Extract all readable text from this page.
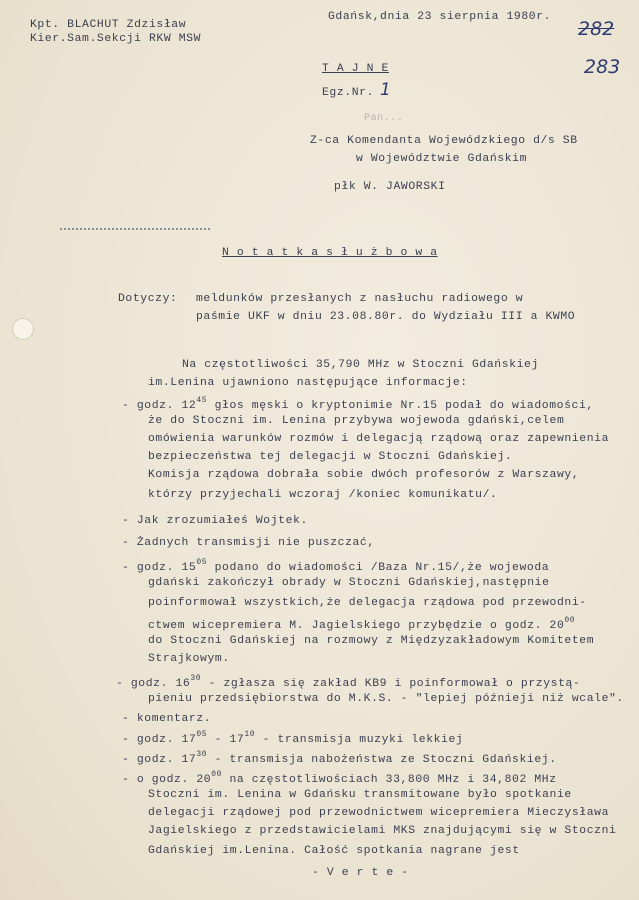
Kpt. BLACHUT Zdzisław
Kier.Sam.Sekcji RKW MSW
Gdańsk,dnia 23 sierpnia 1980r.
282
283
T A J N E
Egz.Nr. 1
Pan...
Z-ca Komendanta Wojewódzkiego d/s SB
w Województwie Gdańskim
płk W. JAWORSKI
N o t a t k a s ł u ż b o w a
Dotyczy: meldunków przesłanych z nasłuchu radiowego w
paśmie UKF w dniu 23.08.80r. do Wydziału III a KWMO
Na częstotliwości 35,790 MHz w Stoczni Gdańskiej
im.Lenina ujawniono następujące informacje:
- godz. $12^{45}$ głos męski o kryptonimie Nr.15 podał do wiadomości,
że do Stoczni im. Lenina przybywa wojewoda gdański,celem
omówienia warunków rozmów i delegacją rządową oraz zapewnienia
bezpieczeństwa tej delegacji w Stoczni Gdańskiej.
Komisja rządowa dobrała sobie dwóch profesorów z Warszawy,
którzy przyjechali wczoraj /koniec komunikatu/.
- Jak zrozumiałeś Wojtek.
- Żadnych transmisji nie puszczać,
- godz. $15^{05}$ podano do wiadomości /Baza Nr.15/,że wojewoda
gdański zakończył obrady w Stoczni Gdańskiej,następnie
poinformował wszystkich,że delegacja rządowa pod przewodni-
ctwem wicepremiera M. Jagielskiego przybędzie o godz. $20^{00}$
do Stoczni Gdańskiej na rozmowy z Międzyzakładowym Komitetem
Strajkowym.
- godz. $16^{30}$ - zgłasza się zakład KB9 i poinformował o przystą-
pieniu przedsiębiorstwa do M.K.S. - "lepiej późnieji niż wcale".
- komentarz.
- godz. $17^{05} - 17^{10}$ - transmisja muzyki lekkiej
- godz. $17^{30}$ - transmisja nabożeństwa ze Stoczni Gdańskiej.
- o godz. $20^{00}$ na częstotliwościach 33,800 MHz i 34,802 MHz
Stoczni im. Lenina w Gdańsku transmitowane było spotkanie
delegacji rządowej pod przewodnictwem wicepremiera Mieczysława
Jagielskiego z przedstawicielami MKS znajdującymi się w Stoczni
Gdańskiej im.Lenina. Całość spotkania nagrane jest
- V e r t e -
